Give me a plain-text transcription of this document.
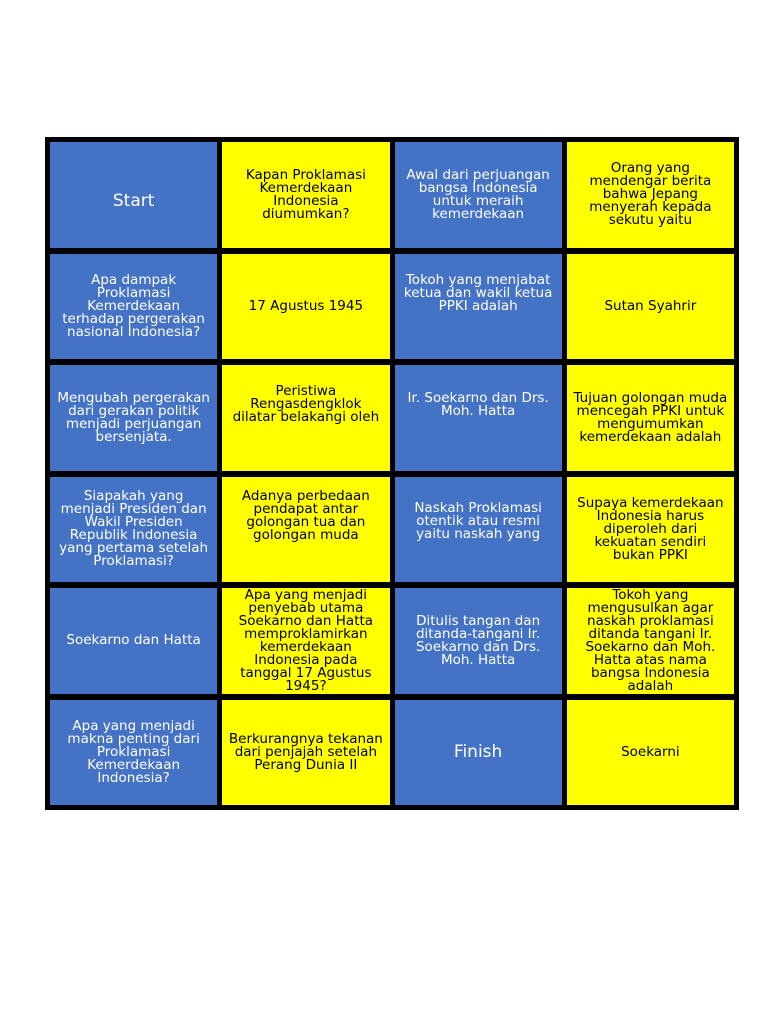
Start
Kapan Proklamasi
Kemerdekaan
Indonesia
diumumkan?
Awal dari perjuangan
bangsa Indonesia
untuk meraih
kemerdekaan
Orang yang
mendengar berita
bahwa Jepang
menyerah kepada
sekutu yaitu
Apa dampak
Proklamasi
Kemerdekaan
terhadap pergerakan
nasional Indonesia?
17 Agustus 1945
Tokoh yang menjabat
ketua dan wakil ketua
PPKI adalah	Sutan Syahrir
Mengubah pergerakan
dari gerakan politik
menjadi perjuangan
bersenjata.
Peristiwa
Rengasdengklok
dilatar belakangi oleh
Ir. Soekarno dan Drs.
Moh. Hatta
Tujuan golongan muda
mencegah PPKI untuk
mengumumkan
kemerdekaan adalah
Siapakah yang
menjadi Presiden dan
Wakil Presiden
Republik Indonesia
yang pertama setelah
Proklamasi?
Adanya perbedaan
pendapat antar
golongan tua dan
golongan muda
Naskah Proklamasi
otentik atau resmi
yaitu naskah yang
Supaya kemerdekaan
Indonesia harus
diperoleh dari
kekuatan sendiri
bukan PPKI
Soekarno dan Hatta
Apa yang menjadi
penyebab utama
Soekarno dan Hatta
memproklamirkan
kemerdekaan
Indonesia pada
tanggal 17 Agustus
1945?
Ditulis tangan dan
ditanda-tangani Ir.
Soekarno dan Drs.
Moh. Hatta
Tokoh yang
mengusulkan agar
naskah proklamasi
ditanda tangani Ir.
Soekarno dan Moh.
Hatta atas nama
bangsa Indonesia
adalah
Apa yang menjadi
makna penting dari
Proklamasi
Kemerdekaan
Indonesia?
Berkurangnya tekanan
dari penjajah setelah
Perang Dunia II
Finish	Soekarni
